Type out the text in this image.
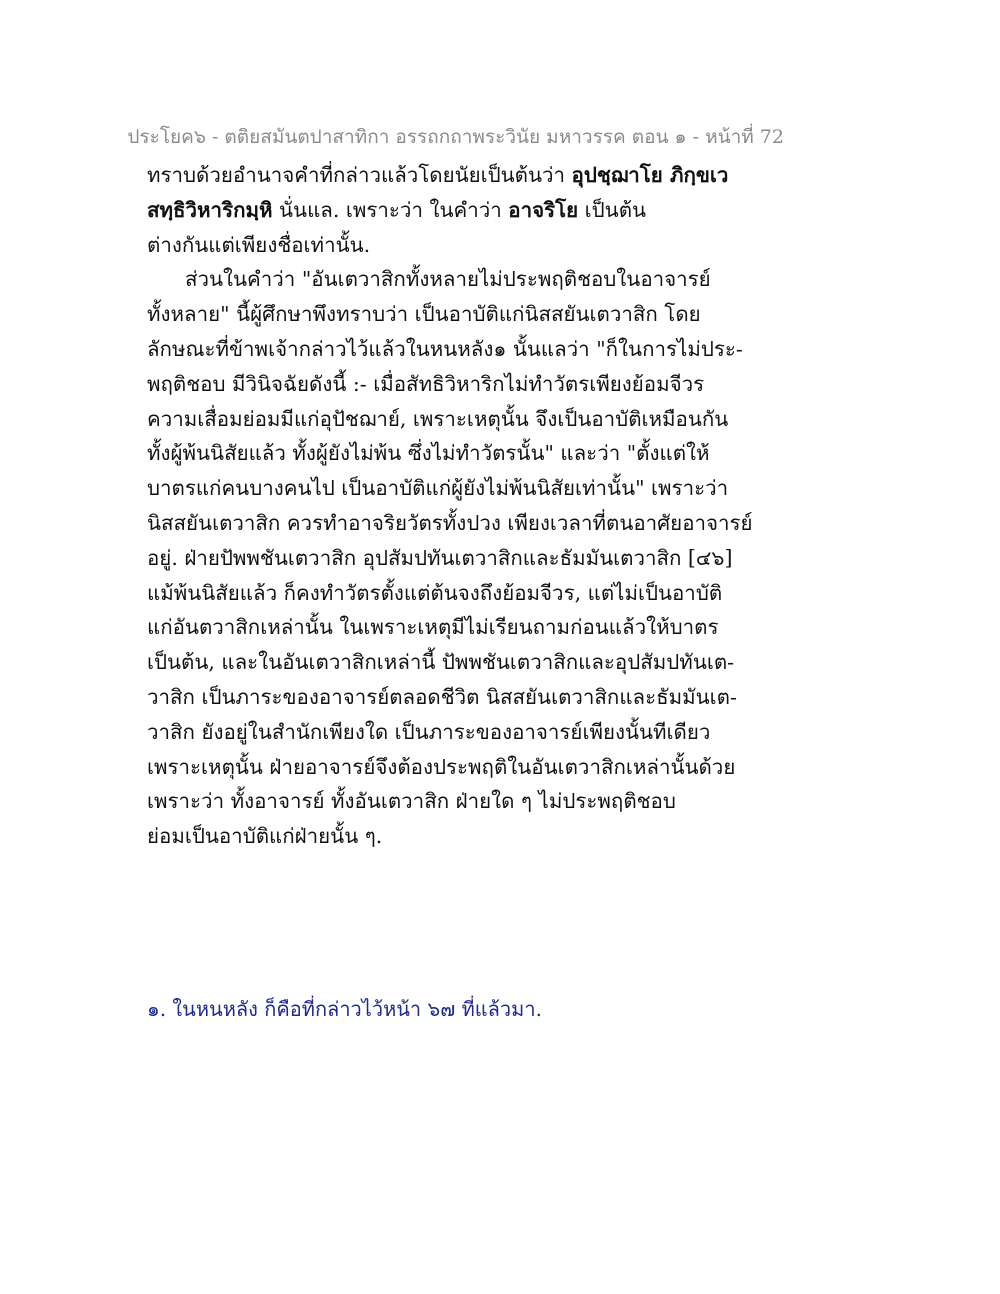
ประโยค๖ - ตติยสมันตปาสาทิกา อรรถกถาพระวินัย มหาวรรค ตอน ๑ - หน้าที่ 72
ทราบด้วยอำนาจคำที่กล่าวแล้วโดยนัยเป็นต้นว่า อุปชฺฌาโย ภิกฺขเว
สทฺธิวิหาริกมฺหิ นั่นแล. เพราะว่า ในคำว่า อาจริโย เป็นต้น
ต่างกันแต่เพียงชื่อเท่านั้น.
ส่วนในคำว่า "อันเตวาสิกทั้งหลายไม่ประพฤติชอบในอาจารย์
ทั้งหลาย" นี้ผู้ศึกษาพึงทราบว่า เป็นอาบัติแก่นิสสยันเตวาสิก โดย
ลักษณะที่ข้าพเจ้ากล่าวไว้แล้วในหนหลัง๑ นั้นแลว่า "ก็ในการไม่ประ-
พฤติชอบ มีวินิจฉัยดังนี้ :- เมื่อสัทธิวิหาริกไม่ทำวัตรเพียงย้อมจีวร
ความเสื่อมย่อมมีแก่อุปัชฌาย์, เพราะเหตุนั้น จึงเป็นอาบัติเหมือนกัน
ทั้งผู้พ้นนิสัยแล้ว ทั้งผู้ยังไม่พ้น ซึ่งไม่ทำวัตรนั้น" และว่า "ตั้งแต่ให้
บาตรแก่คนบางคนไป เป็นอาบัติแก่ผู้ยังไม่พ้นนิสัยเท่านั้น" เพราะว่า
นิสสยันเตวาสิก ควรทำอาจริยวัตรทั้งปวง เพียงเวลาที่ตนอาศัยอาจารย์
อยู่. ฝ่ายปัพพชันเตวาสิก อุปสัมปทันเตวาสิกและธัมมันเตวาสิก [๔๖]
แม้พ้นนิสัยแล้ว ก็คงทำวัตรตั้งแต่ต้นจงถึงย้อมจีวร, แต่ไม่เป็นอาบัติ
แก่อันตวาสิกเหล่านั้น ในเพราะเหตุมีไม่เรียนถามก่อนแล้วให้บาตร
เป็นต้น, และในอันเตวาสิกเหล่านี้ ปัพพชันเตวาสิกและอุปสัมปทันเต-
วาสิก เป็นภาระของอาจารย์ตลอดชีวิต นิสสยันเตวาสิกและธัมมันเต-
วาสิก ยังอยู่ในสำนักเพียงใด เป็นภาระของอาจารย์เพียงนั้นทีเดียว
เพราะเหตุนั้น ฝ่ายอาจารย์จึงต้องประพฤติในอันเตวาสิกเหล่านั้นด้วย
เพราะว่า ทั้งอาจารย์ ทั้งอันเตวาสิก ฝ่ายใด ๆ ไม่ประพฤติชอบ
ย่อมเป็นอาบัติแก่ฝ่ายนั้น ๆ.
๑. ในหนหลัง ก็คือที่กล่าวไว้หน้า ๖๗ ที่แล้วมา.
